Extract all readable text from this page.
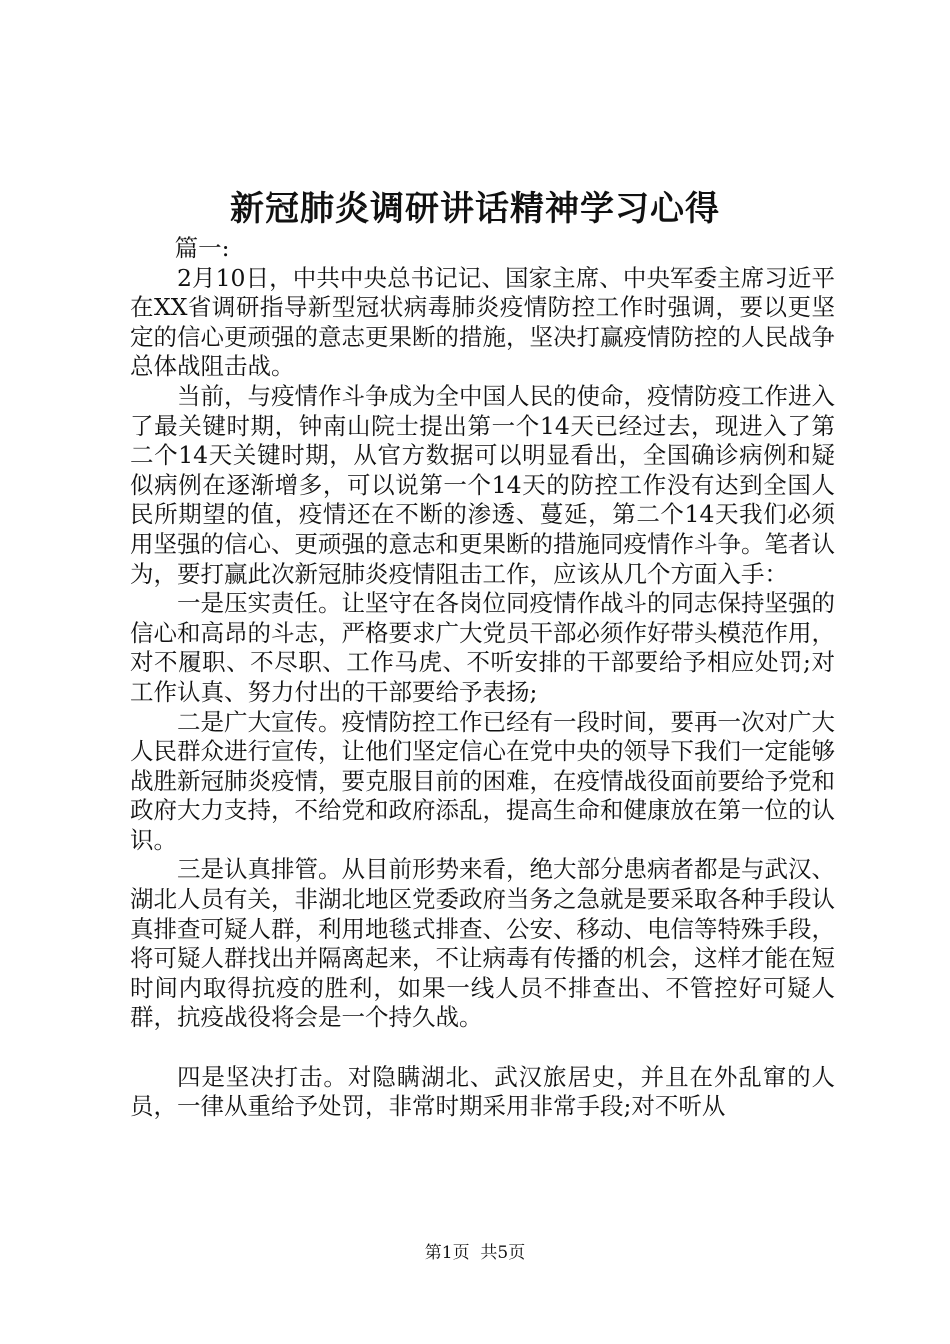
新冠肺炎调研讲话精神学习心得

篇一:

2月10日，中共中央总书记记、国家主席、中央军委主席习近平在XX省调研指导新型冠状病毒肺炎疫情防控工作时强调，要以更坚定的信心更顽强的意志更果断的措施，坚决打赢疫情防控的人民战争总体战阻击战。

当前，与疫情作斗争成为全中国人民的使命，疫情防疫工作进入了最关键时期，钟南山院士提出第一个14天已经过去，现进入了第二个14天关键时期，从官方数据可以明显看出，全国确诊病例和疑似病例在逐渐增多，可以说第一个14天的防控工作没有达到全国人民所期望的值，疫情还在不断的渗透、蔓延，第二个14天我们必须用坚强的信心、更顽强的意志和更果断的措施同疫情作斗争。笔者认为，要打赢此次新冠肺炎疫情阻击工作，应该从几个方面入手：

一是压实责任。让坚守在各岗位同疫情作战斗的同志保持坚强的信心和高昂的斗志，严格要求广大党员干部必须作好带头模范作用，对不履职、不尽职、工作马虎、不听安排的干部要给予相应处罚;对工作认真、努力付出的干部要给予表扬;

二是广大宣传。疫情防控工作已经有一段时间，要再一次对广大人民群众进行宣传，让他们坚定信心在党中央的领导下我们一定能够战胜新冠肺炎疫情，要克服目前的困难，在疫情战役面前要给予党和政府大力支持，不给党和政府添乱，提高生命和健康放在第一位的认识。

三是认真排管。从目前形势来看，绝大部分患病者都是与武汉、湖北人员有关，非湖北地区党委政府当务之急就是要采取各种手段认真排查可疑人群，利用地毯式排查、公安、移动、电信等特殊手段，将可疑人群找出并隔离起来，不让病毒有传播的机会，这样才能在短时间内取得抗疫的胜利，如果一线人员不排查出、不管控好可疑人群，抗疫战役将会是一个持久战。

四是坚决打击。对隐瞒湖北、武汉旅居史，并且在外乱窜的人员，一律从重给予处罚，非常时期采用非常手段;对不听从

第1页  共5页
